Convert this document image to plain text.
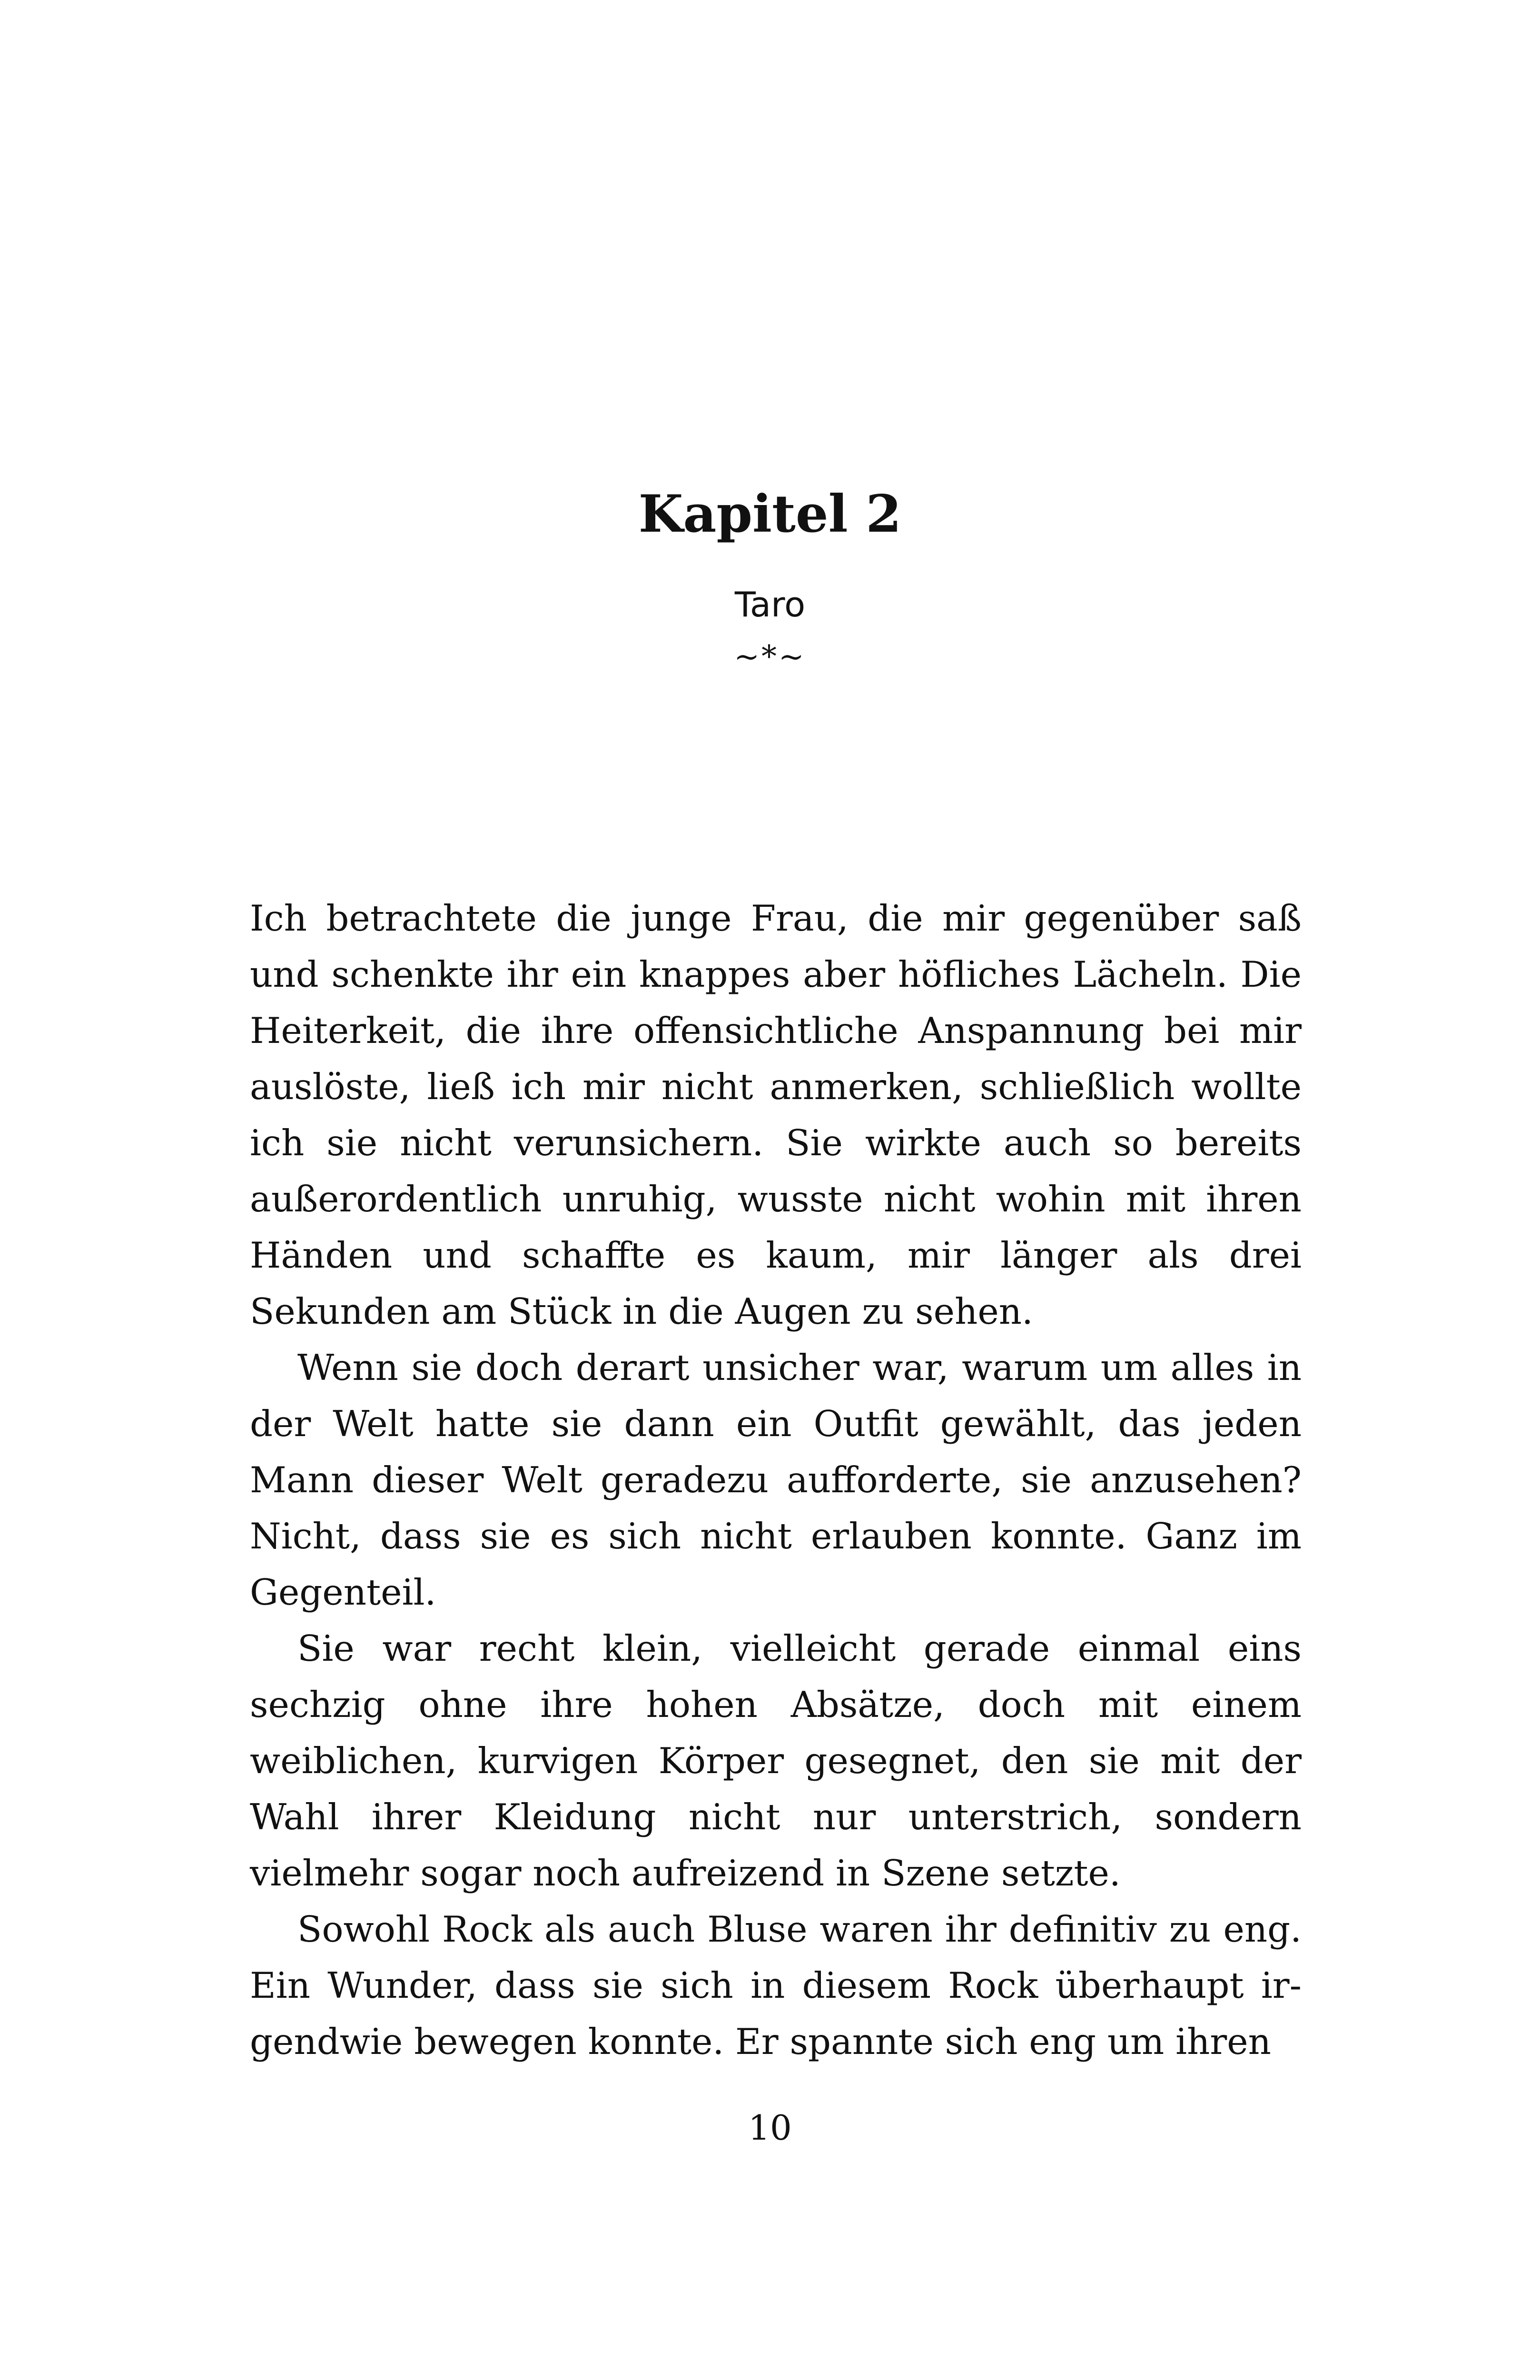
Kapitel 2
Taro
~*~

Ich betrachtete die junge Frau, die mir gegenüber saß und schenkte ihr ein knappes aber höfliches Lächeln. Die Heiterkeit, die ihre offensichtliche Anspannung bei mir auslöste, ließ ich mir nicht anmerken, schließlich wollte ich sie nicht verunsichern. Sie wirkte auch so bereits außerordentlich unruhig, wusste nicht wohin mit ihren Händen und schaffte es kaum, mir länger als drei Sekunden am Stück in die Augen zu sehen.

Wenn sie doch derart unsicher war, warum um alles in der Welt hatte sie dann ein Outfit gewählt, das jeden Mann dieser Welt geradezu aufforderte, sie anzusehen? Nicht, dass sie es sich nicht erlauben konnte. Ganz im Gegenteil.

Sie war recht klein, vielleicht gerade einmal eins sechzig ohne ihre hohen Absätze, doch mit einem weiblichen, kurvigen Körper gesegnet, den sie mit der Wahl ihrer Kleidung nicht nur unterstrich, sondern vielmehr sogar noch aufreizend in Szene setzte.

Sowohl Rock als auch Bluse waren ihr definitiv zu eng. Ein Wunder, dass sie sich in diesem Rock überhaupt irgendwie bewegen konnte. Er spannte sich eng um ihren

10
